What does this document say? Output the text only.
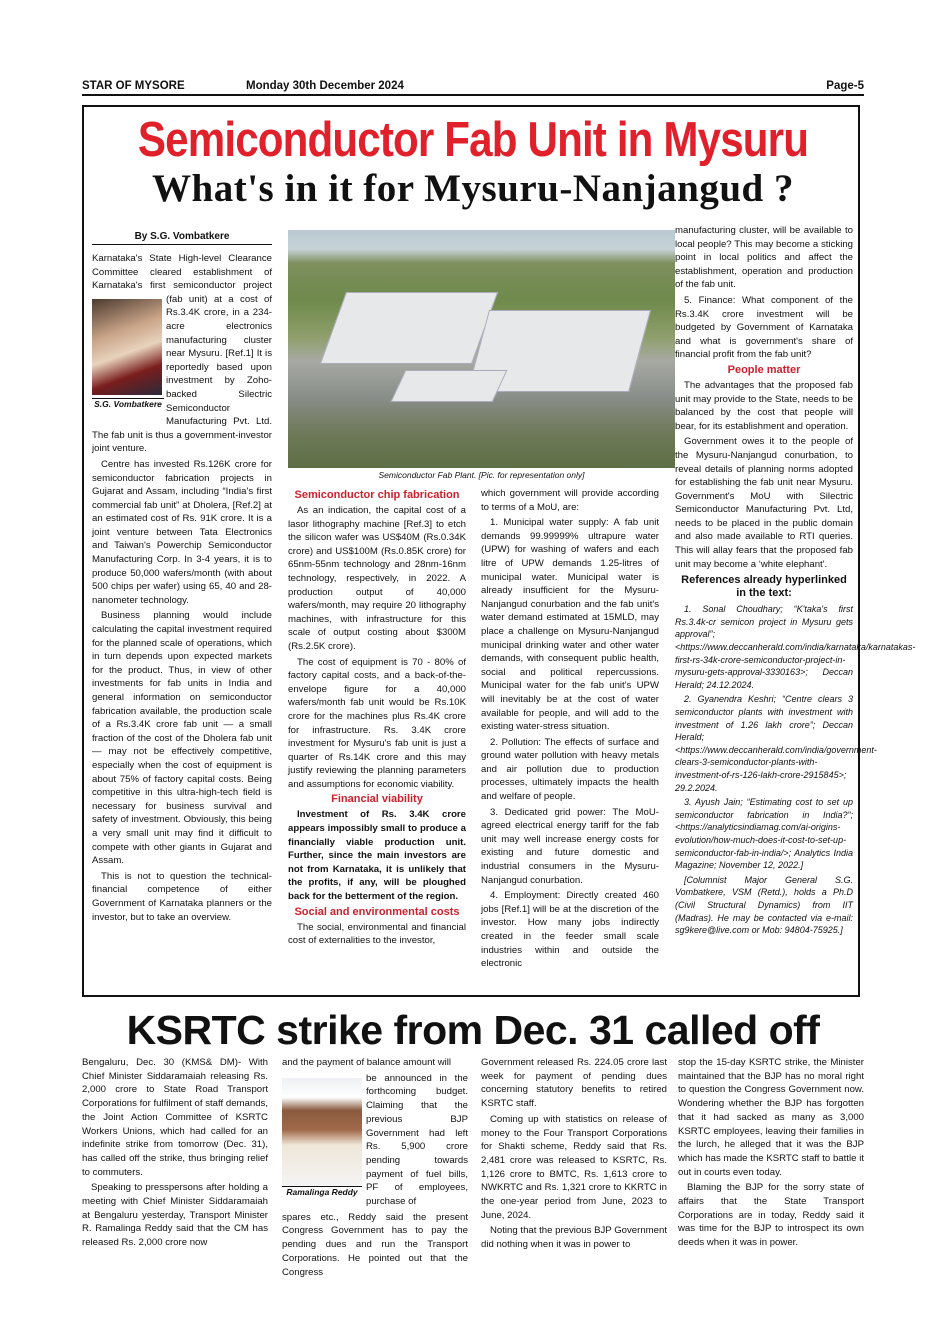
STAR OF MYSORE	Monday 30th December 2024	Page-5
Semiconductor Fab Unit in Mysuru
What's in it for Mysuru-Nanjangud ?
By S.G. Vombatkere

Karnataka's State High-level Clearance Committee cleared establishment of Karnataka's first semiconductor project (fab unit) at a cost of Rs.3.4K crore, in a 234-acre electronics manufacturing cluster near Mysuru. [Ref.1] It is reportedly based upon investment by Zoho-backed Silectric Semiconductor Manufacturing Pvt. Ltd. The fab unit is thus a government-investor joint venture.

Centre has invested Rs.126K crore for semiconductor fabrication projects in Gujarat and Assam, including “India's first commercial fab unit” at Dholera, [Ref.2] at an estimated cost of Rs. 91K crore. It is a joint venture between Tata Electronics and Taiwan's Powerchip Semiconductor Manufacturing Corp. In 3-4 years, it is to produce 50,000 wafers/month (with about 500 chips per wafer) using 65, 40 and 28-nanometer technology.

Business planning would include calculating the capital investment required for the planned scale of operations, which in turn depends upon expected markets for the product. Thus, in view of other investments for fab units in India and general information on semiconductor fabrication available, the production scale of a Rs.3.4K crore fab unit — a small fraction of the cost of the Dholera fab unit — may not be effectively competitive, especially when the cost of equipment is about 75% of factory capital costs. Being competitive in this ultra-high-tech field is necessary for business survival and safety of investment. Obviously, this being a very small unit may find it difficult to compete with other giants in Gujarat and Assam.

This is not to question the technical-financial competence of either Government of Karnataka planners or the investor, but to take an overview.

S.G. Vombatkere
Semiconductor Fab Plant. [Pic. for representation only]
Semiconductor chip fabrication

As an indication, the capital cost of a lasor lithography machine [Ref.3] to etch the silicon wafer was US$40M (Rs.0.34K crore) and US$100M (Rs.0.85K crore) for 65nm-55nm technology and 28nm-16nm technology, respectively, in 2022. A production output of 40,000 wafers/month, may require 20 lithography machines, with infrastructure for this scale of output costing about $300M (Rs.2.5K crore).

The cost of equipment is 70 - 80% of factory capital costs, and a back-of-the-envelope figure for a 40,000 wafers/month fab unit would be Rs.10K crore for the machines plus Rs.4K crore for infrastructure. Rs. 3.4K crore investment for Mysuru's fab unit is just a quarter of Rs.14K crore and this may justify reviewing the planning parameters and assumptions for economic viability.

Financial viability

Investment of Rs. 3.4K crore appears impossibly small to produce a financially viable production unit. Further, since the main investors are not from Karnataka, it is unlikely that the profits, if any, will be ploughed back for the betterment of the region.

Social and environmental costs

The social, environmental and financial cost of externalities to the investor,

which government will provide according to terms of a MoU, are:

1. Municipal water supply: A fab unit demands 99.99999% ultrapure water (UPW) for washing of wafers and each litre of UPW demands 1.25-litres of municipal water. Municipal water is already insufficient for the Mysuru-Nanjangud conurbation and the fab unit's water demand estimated at 15MLD, may place a challenge on Mysuru-Nanjangud municipal drinking water and other water demands, with consequent public health, social and political repercussions. Municipal water for the fab unit's UPW will inevitably be at the cost of water available for people, and will add to the existing water-stress situation.

2. Pollution: The effects of surface and ground water pollution with heavy metals and air pollution due to production processes, ultimately impacts the health and welfare of people.

3. Dedicated grid power: The MoU-agreed electrical energy tariff for the fab unit may well increase energy costs for existing and future domestic and industrial consumers in the Mysuru-Nanjangud conurbation.

4. Employment: Directly created 460 jobs [Ref.1] will be at the discretion of the investor. How many jobs indirectly created in the feeder small scale industries within and outside the electronic

manufacturing cluster, will be available to local people? This may become a sticking point in local politics and affect the establishment, operation and production of the fab unit.

5. Finance: What component of the Rs.3.4K crore investment will be budgeted by Government of Karnataka and what is government's share of financial profit from the fab unit?

People matter

The advantages that the proposed fab unit may provide to the State, needs to be balanced by the cost that people will bear, for its establishment and operation.

Government owes it to the people of the Mysuru-Nanjangud conurbation, to reveal details of planning norms adopted for establishing the fab unit near Mysuru. Government's MoU with Silectric Semiconductor Manufacturing Pvt. Ltd, needs to be placed in the public domain and also made available to RTI queries. This will allay fears that the proposed fab unit may become a ‘white elephant'.

References already hyperlinked in the text:

1. Sonal Choudhary; “K'taka's first Rs.3.4k-cr semicon project in Mysuru gets approval”; <https://www.deccanherald.com/india/karnataka/karnatakas-first-rs-34k-crore-semiconductor-project-in-mysuru-gets-approval-3330163>; Deccan Herald; 24.12.2024.

2. Gyanendra Keshri; “Centre clears 3 semiconductor plants with investment with investment of 1.26 lakh crore”; Deccan Herald; <https://www.deccanherald.com/india/government-clears-3-semiconductor-plants-with-investment-of-rs-126-lakh-crore-2915845>; 29.2.2024.

3. Ayush Jain; “Estimating cost to set up semiconductor fabrication in India?”; <https://analyticsindiamag.com/ai-origins-evolution/how-much-does-it-cost-to-set-up-semiconductor-fab-in-india/>; Analytics India Magazine; November 12, 2022.]

[Columnist Major General S.G. Vombatkere, VSM (Retd.), holds a Ph.D (Civil Structural Dynamics) from IIT (Madras). He may be contacted via e-mail: sg9kere@live.com or Mob: 94804-75925.]

KSRTC strike from Dec. 31 called off

Bengaluru, Dec. 30 (KMS& DM)- With Chief Minister Siddaramaiah releasing Rs. 2,000 crore to State Road Transport Corporations for fulfilment of staff demands, the Joint Action Committee of KSRTC Workers Unions, which had called for an indefinite strike from tomorrow (Dec. 31), has called off the strike, thus bringing relief to commuters.

Speaking to presspersons after holding a meeting with Chief Minister Siddaramaiah at Bengaluru yesterday, Transport Minister R. Ramalinga Reddy said that the CM has released Rs. 2,000 crore now

and the payment of balance amount will

be announced in the forthcoming budget. Claiming that the previous BJP Government had left Rs. 5,900 crore pending towards payment of fuel bills, PF of employees, purchase of

spares etc., Reddy said the present Congress Government has to pay the pending dues and run the Transport Corporations. He pointed out that the Congress

Ramalinga Reddy

Government released Rs. 224.05 crore last week for payment of pending dues concerning statutory benefits to retired KSRTC staff.

Coming up with statistics on release of money to the Four Transport Corporations for Shakti scheme, Reddy said that Rs. 2,481 crore was released to KSRTC, Rs. 1,126 crore to BMTC, Rs. 1,613 crore to NWKRTC and Rs. 1,321 crore to KKRTC in the one-year period from June, 2023 to June, 2024.

Noting that the previous BJP Government did nothing when it was in power to

stop the 15-day KSRTC strike, the Minister maintained that the BJP has no moral right to question the Congress Government now. Wondering whether the BJP has forgotten that it had sacked as many as 3,000 KSRTC employees, leaving their families in the lurch, he alleged that it was the BJP which has made the KSRTC staff to battle it out in courts even today.

Blaming the BJP for the sorry state of affairs that the State Transport Corporations are in today, Reddy said it was time for the BJP to introspect its own deeds when it was in power.
